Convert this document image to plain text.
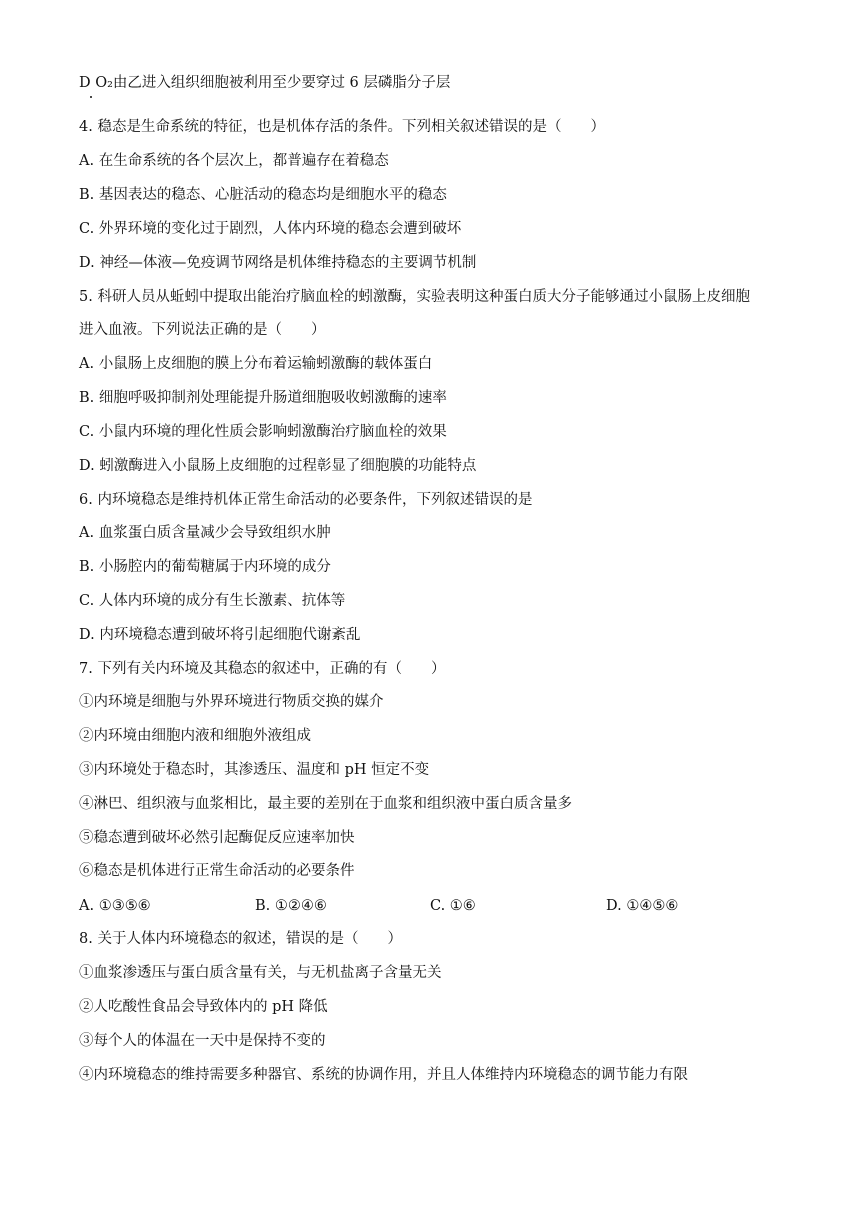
D O₂由乙进入组织细胞被利用至少要穿过 6 层磷脂分子层
4. 稳态是生命系统的特征，也是机体存活的条件。下列相关叙述错误的是（　　）
A. 在生命系统的各个层次上，都普遍存在着稳态
B. 基因表达的稳态、心脏活动的稳态均是细胞水平的稳态
C. 外界环境的变化过于剧烈，人体内环境的稳态会遭到破坏
D. 神经—体液—免疫调节网络是机体维持稳态的主要调节机制
5. 科研人员从蚯蚓中提取出能治疗脑血栓的蚓激酶，实验表明这种蛋白质大分子能够通过小鼠肠上皮细胞
进入血液。下列说法正确的是（　　）
A. 小鼠肠上皮细胞的膜上分布着运输蚓激酶的载体蛋白
B. 细胞呼吸抑制剂处理能提升肠道细胞吸收蚓激酶的速率
C. 小鼠内环境的理化性质会影响蚓激酶治疗脑血栓的效果
D. 蚓激酶进入小鼠肠上皮细胞的过程彰显了细胞膜的功能特点
6. 内环境稳态是维持机体正常生命活动的必要条件，下列叙述错误的是
A. 血浆蛋白质含量减少会导致组织水肿
B. 小肠腔内的葡萄糖属于内环境的成分
C. 人体内环境的成分有生长激素、抗体等
D. 内环境稳态遭到破坏将引起细胞代谢紊乱
7. 下列有关内环境及其稳态的叙述中，正确的有（　　）
①内环境是细胞与外界环境进行物质交换的媒介
②内环境由细胞内液和细胞外液组成
③内环境处于稳态时，其渗透压、温度和 pH 恒定不变
④淋巴、组织液与血浆相比，最主要的差别在于血浆和组织液中蛋白质含量多
⑤稳态遭到破坏必然引起酶促反应速率加快
⑥稳态是机体进行正常生命活动的必要条件
A. ①③⑤⑥	B. ①②④⑥	C. ①⑥	D. ①④⑤⑥
8. 关于人体内环境稳态的叙述，错误的是（　　）
①血浆渗透压与蛋白质含量有关，与无机盐离子含量无关
②人吃酸性食品会导致体内的 pH 降低
③每个人的体温在一天中是保持不变的
④内环境稳态的维持需要多种器官、系统的协调作用，并且人体维持内环境稳态的调节能力有限
